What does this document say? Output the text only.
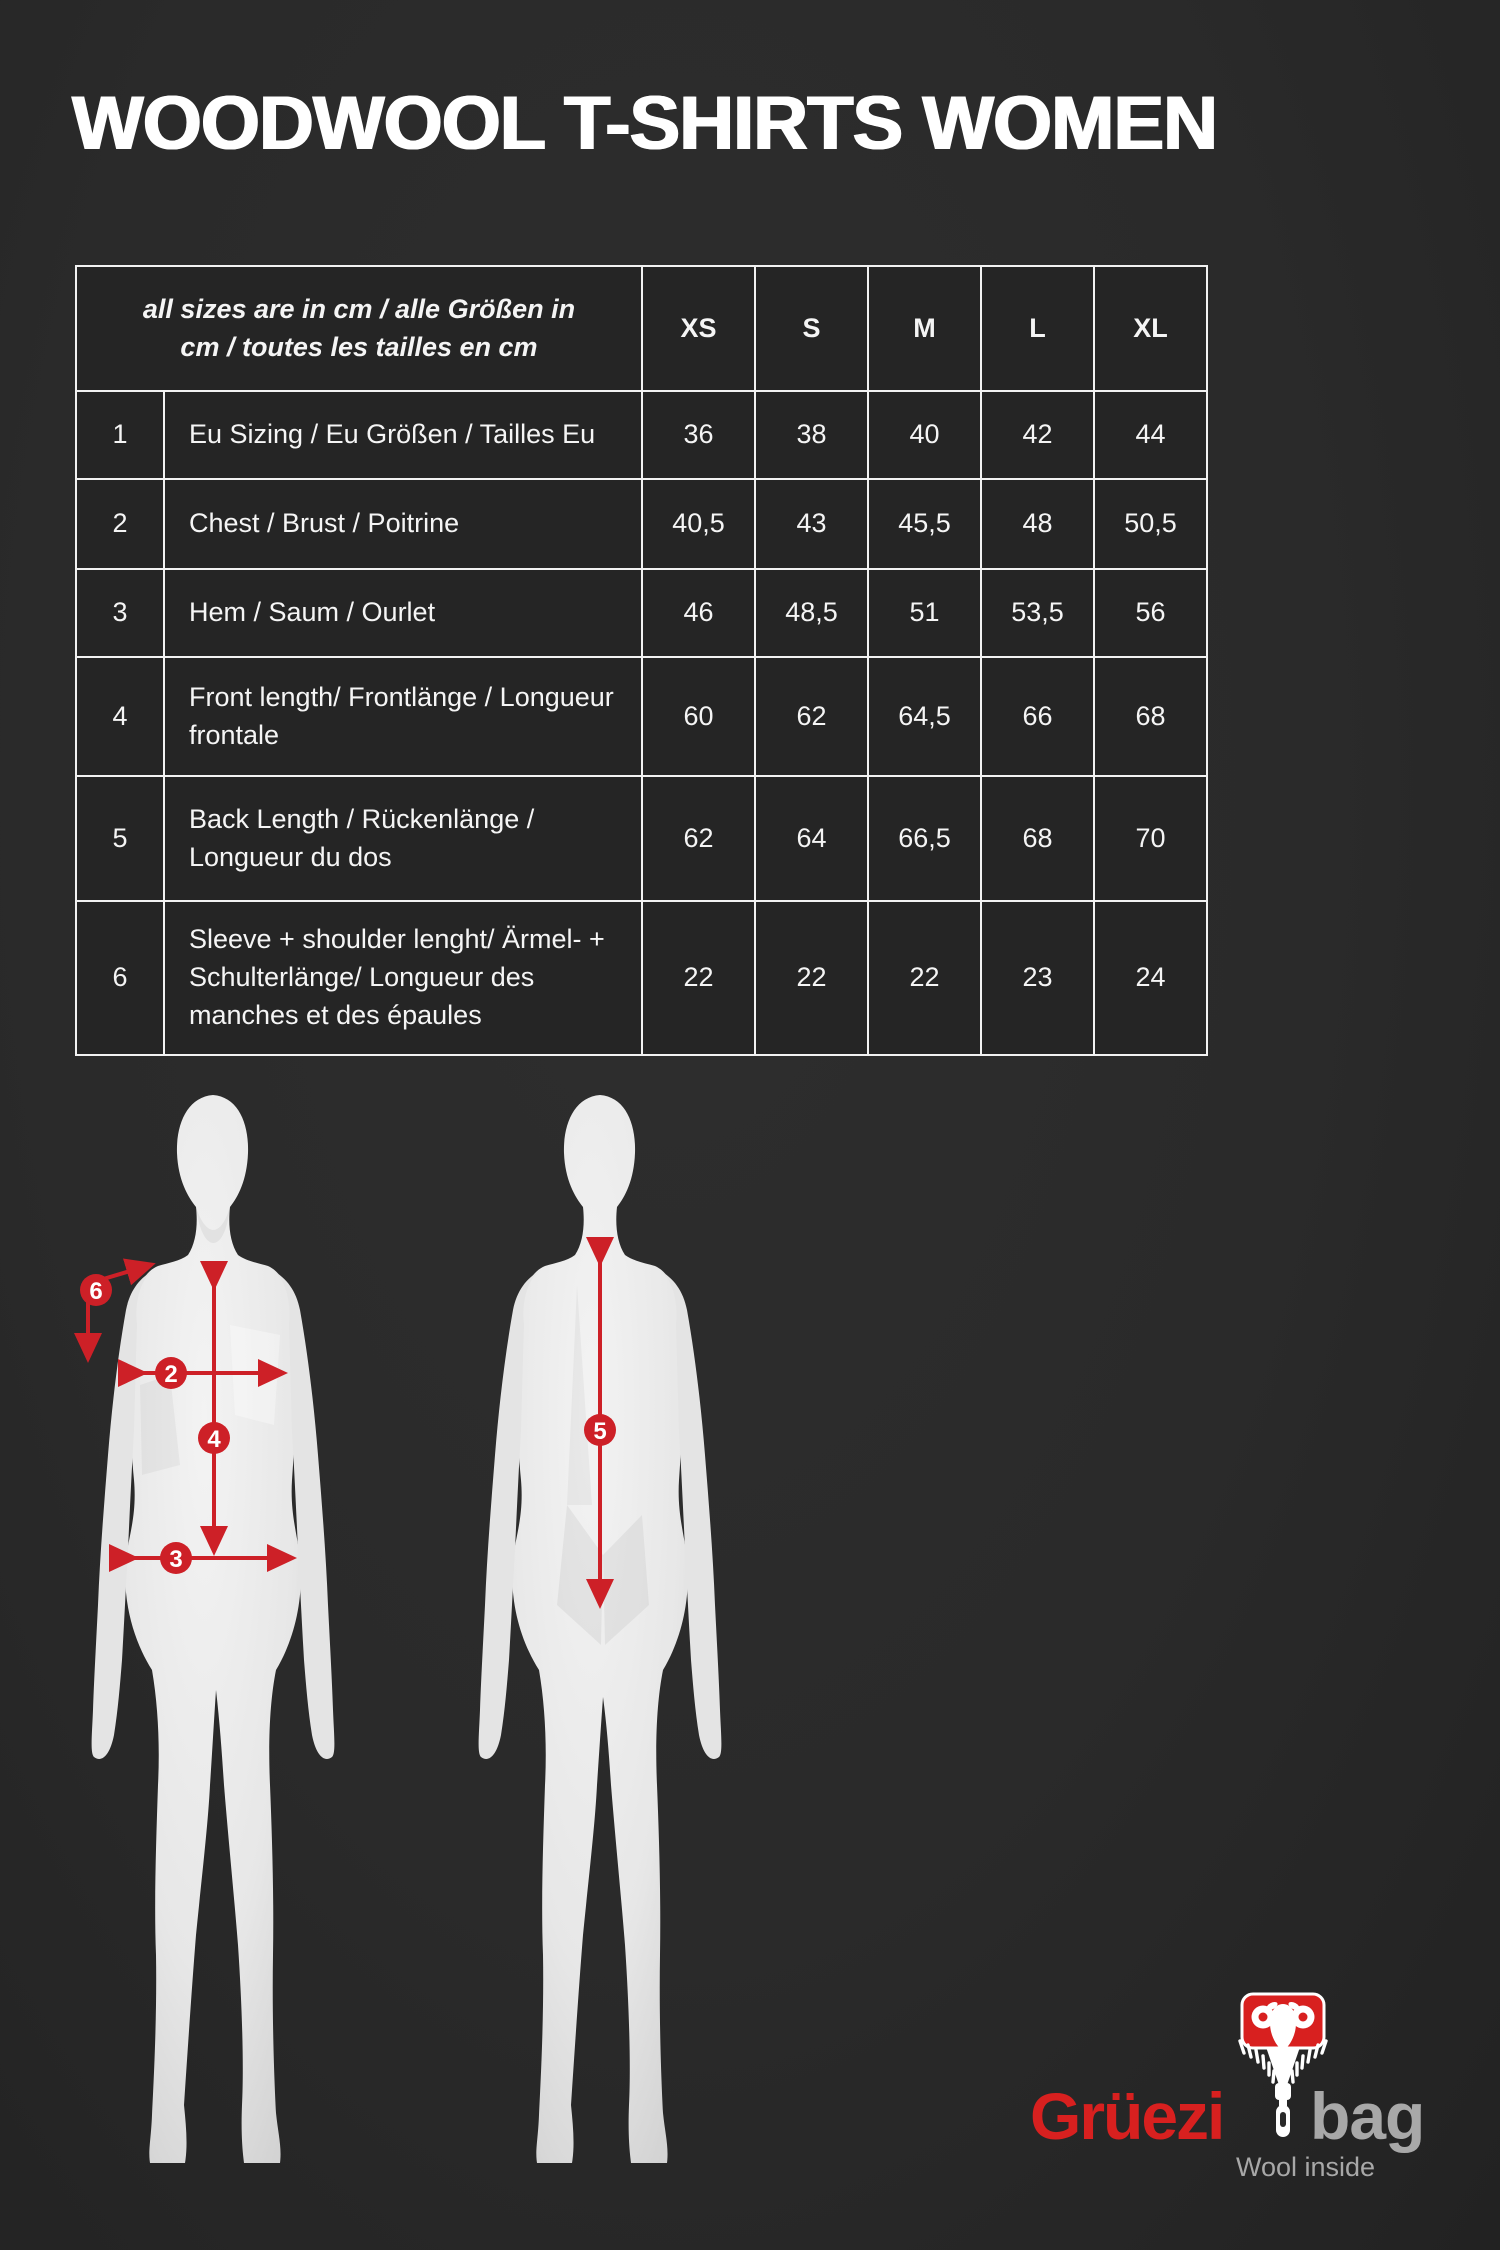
WOODWOOL T-SHIRTS WOMEN
all sizes are in cm / alle Größen in cm / toutes les tailles en cm		XS	S	M	L	XL
1	Eu Sizing / Eu Größen / Tailles Eu	36	38	40	42	44
2	Chest / Brust / Poitrine	40,5	43	45,5	48	50,5
3	Hem / Saum / Ourlet	46	48,5	51	53,5	56
4	Front length/ Frontlänge / Longueur frontale	60	62	64,5	66	68
5	Back Length / Rückenlänge / Longueur du dos	62	64	66,5	68	70
6	Sleeve + shoulder lenght/ Ärmel- + Schulterlänge/ Longueur des manches et des épaules	22	22	22	23	24
6
2
4
3
5
Grüezi bag
Wool inside
